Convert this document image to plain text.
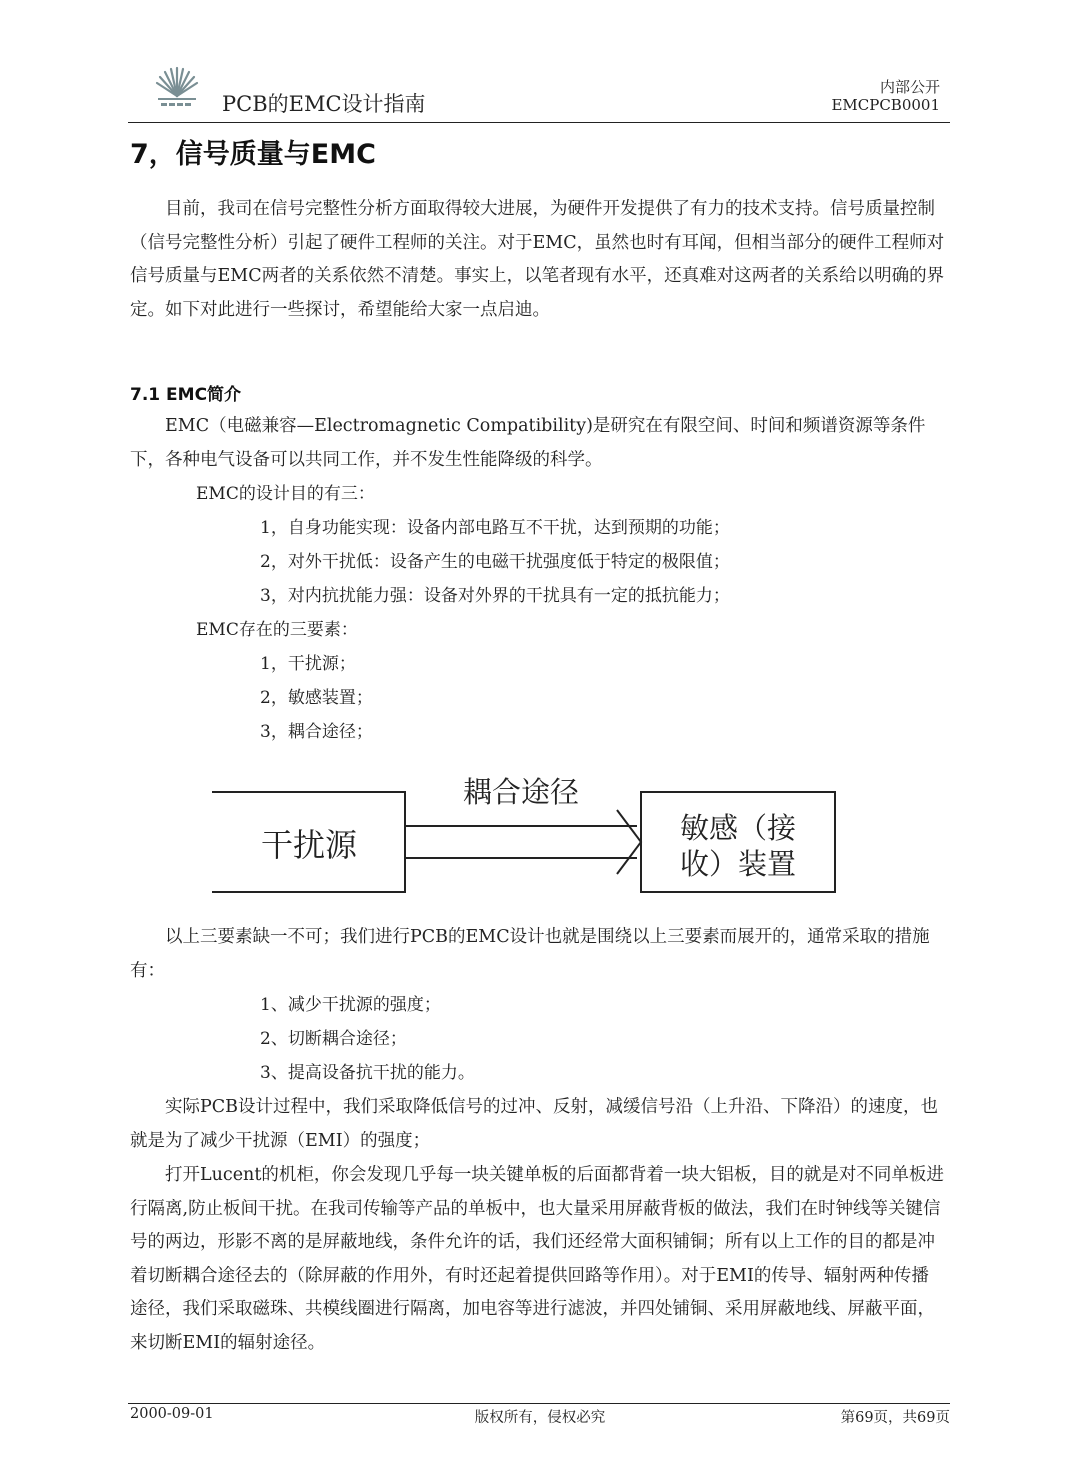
PCB的EMC设计指南
内部公开
EMCPCB0001
7，信号质量与EMC
目前，我司在信号完整性分析方面取得较大进展，为硬件开发提供了有力的技术支持。信号质量控制（信号完整性分析）引起了硬件工程师的关注。对于EMC，虽然也时有耳闻，但相当部分的硬件工程师对信号质量与EMC两者的关系依然不清楚。事实上，以笔者现有水平，还真难对这两者的关系给以明确的界定。如下对此进行一些探讨，希望能给大家一点启迪。
7.1 EMC简介
EMC（电磁兼容—Electromagnetic Compatibility)是研究在有限空间、时间和频谱资源等条件下，各种电气设备可以共同工作，并不发生性能降级的科学。
EMC的设计目的有三：
1，自身功能实现：设备内部电路互不干扰，达到预期的功能；
2，对外干扰低：设备产生的电磁干扰强度低于特定的极限值；
3，对内抗扰能力强：设备对外界的干扰具有一定的抵抗能力；
EMC存在的三要素：
1，干扰源；
2，敏感装置；
3，耦合途径；
干扰源
耦合途径
敏感（接
收）装置
以上三要素缺一不可；我们进行PCB的EMC设计也就是围绕以上三要素而展开的，通常采取的措施有：
1、减少干扰源的强度；
2、切断耦合途径；
3、提高设备抗干扰的能力。
实际PCB设计过程中，我们采取降低信号的过冲、反射，减缓信号沿（上升沿、下降沿）的速度，也就是为了减少干扰源（EMI）的强度；
打开Lucent的机柜，你会发现几乎每一块关键单板的后面都背着一块大铝板，目的就是对不同单板进行隔离,防止板间干扰。在我司传输等产品的单板中，也大量采用屏蔽背板的做法，我们在时钟线等关键信号的两边，形影不离的是屏蔽地线，条件允许的话，我们还经常大面积铺铜；所有以上工作的目的都是冲着切断耦合途径去的（除屏蔽的作用外，有时还起着提供回路等作用）。对于EMI的传导、辐射两种传播途径，我们采取磁珠、共模线圈进行隔离，加电容等进行滤波，并四处铺铜、采用屏蔽地线、屏蔽平面，来切断EMI的辐射途径。
2000-09-01	版权所有，侵权必究	第69页，共69页
